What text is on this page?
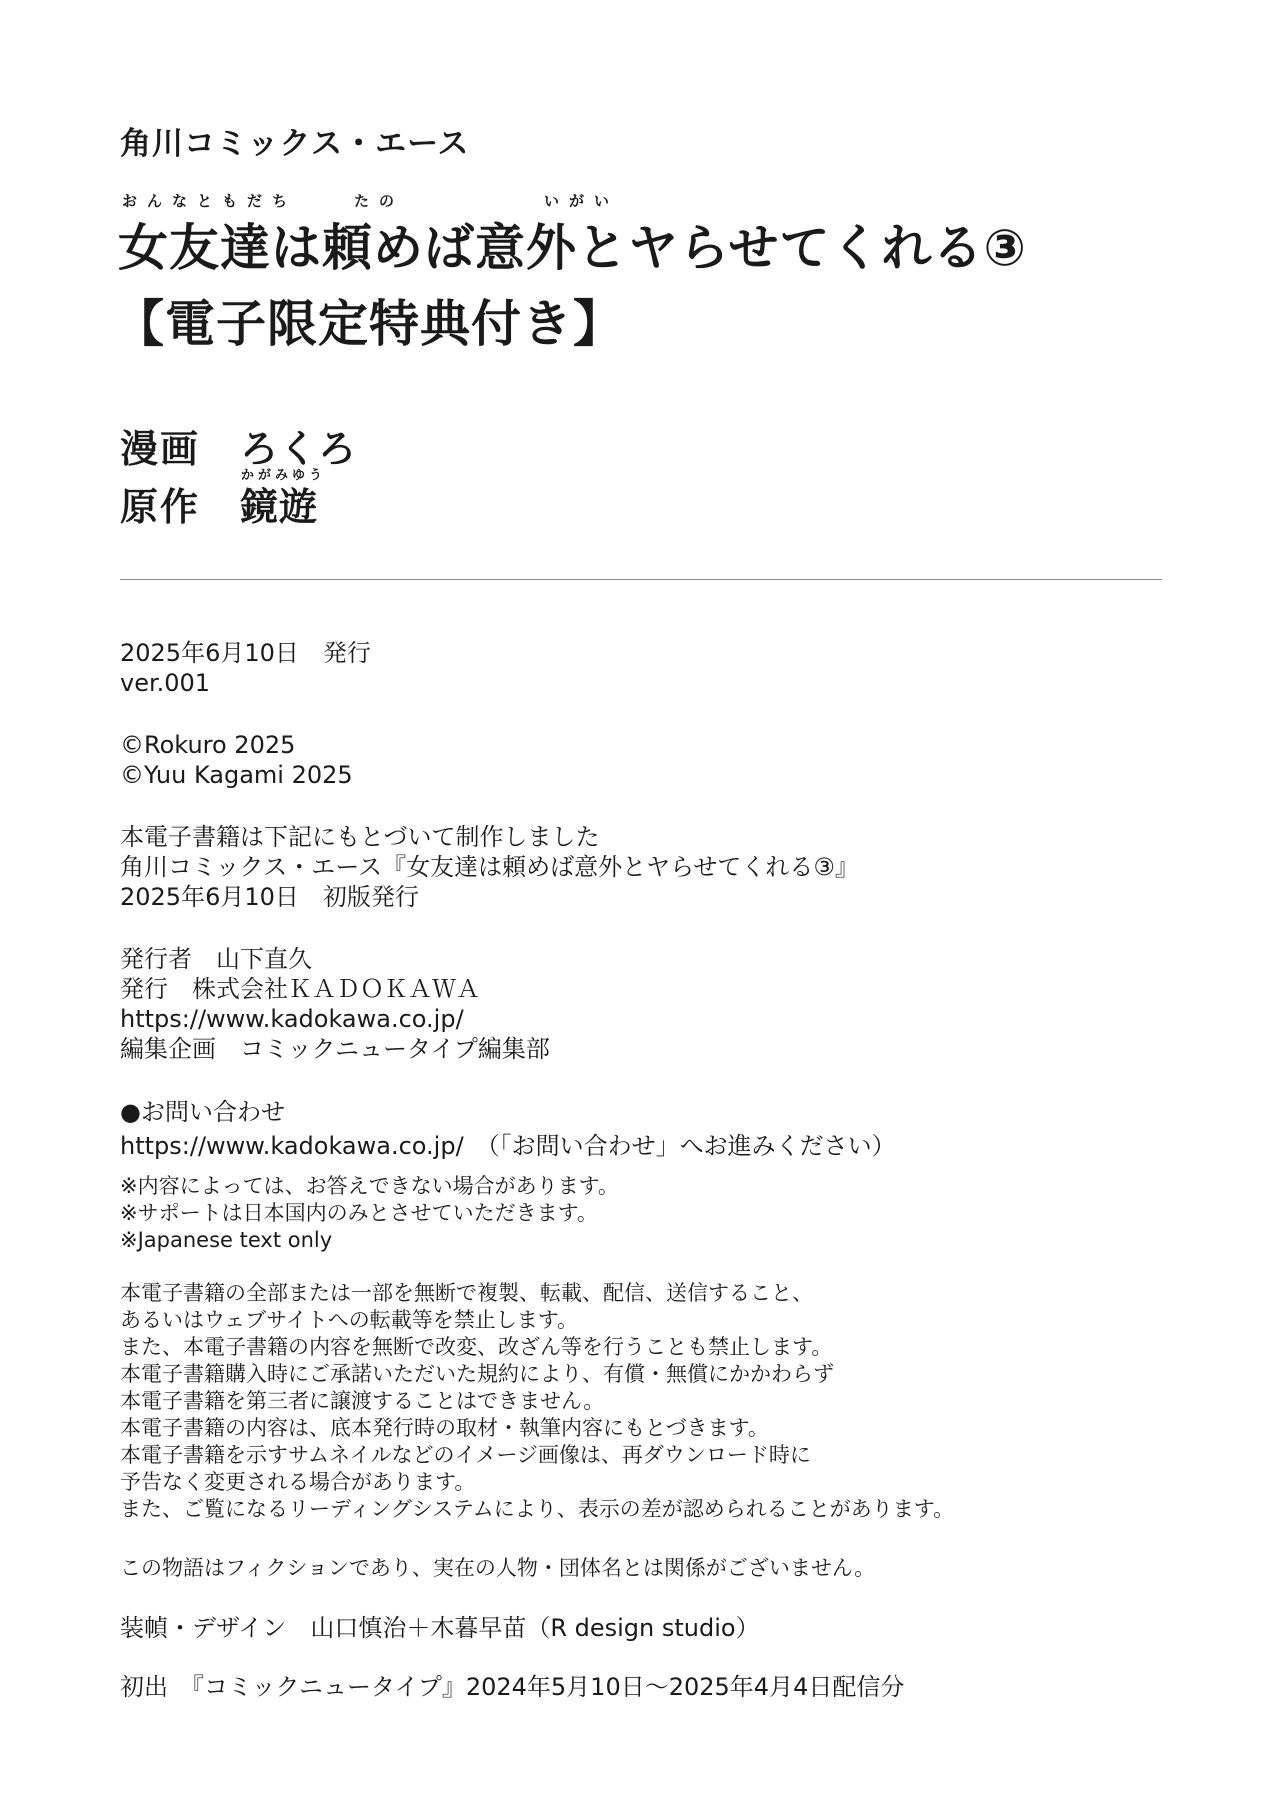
角川コミックス・エース
おんなともだち	たの	いがい
女友達は頼めば意外とヤらせてくれる③
【電子限定特典付き】
漫画 ろくろ
かがみゆう
原作 鏡遊
2025年6月10日　発行
ver.001
©Rokuro 2025
©Yuu Kagami 2025
本電子書籍は下記にもとづいて制作しました
角川コミックス・エース『女友達は頼めば意外とヤらせてくれる③』
2025年6月10日　初版発行
発行者　山下直久
発行　株式会社ＫＡＤＯＫＡＷＡ
https://www.kadokawa.co.jp/
編集企画　コミックニュータイプ編集部
●お問い合わせ
https://www.kadokawa.co.jp/　（「お問い合わせ」へお進みください）
※内容によっては、お答えできない場合があります。
※サポートは日本国内のみとさせていただきます。
※Japanese text only
本電子書籍の全部または一部を無断で複製、転載、配信、送信すること、
あるいはウェブサイトへの転載等を禁止します。
また、本電子書籍の内容を無断で改変、改ざん等を行うことも禁止します。
本電子書籍購入時にご承諾いただいた規約により、有償・無償にかかわらず
本電子書籍を第三者に譲渡することはできません。
本電子書籍の内容は、底本発行時の取材・執筆内容にもとづきます。
本電子書籍を示すサムネイルなどのイメージ画像は、再ダウンロード時に
予告なく変更される場合があります。
また、ご覧になるリーディングシステムにより、表示の差が認められることがあります。
この物語はフィクションであり、実在の人物・団体名とは関係がございません。
装幀・デザイン　山口慎治＋木暮早苗（R design studio）
初出　『コミックニュータイプ』2024年5月10日～2025年4月4日配信分
